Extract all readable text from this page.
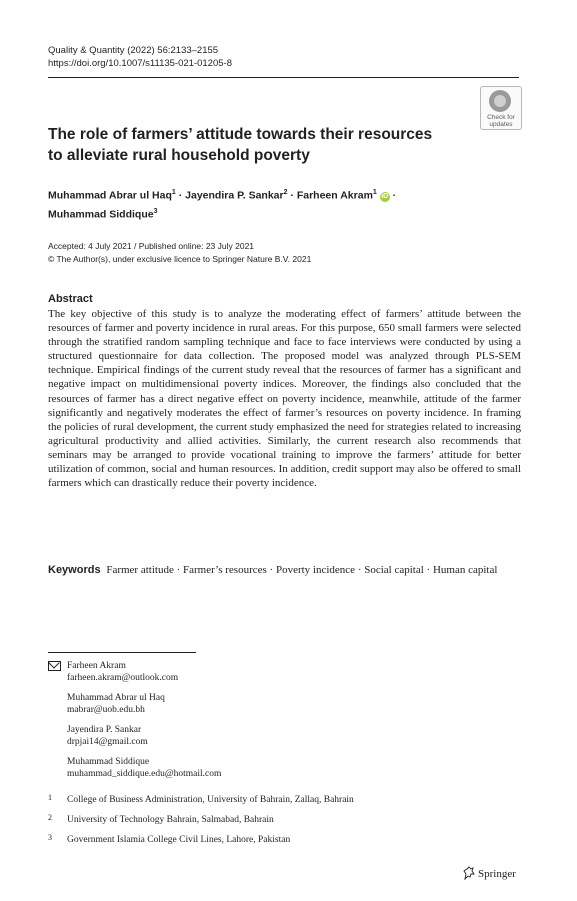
Quality & Quantity (2022) 56:2133–2155
https://doi.org/10.1007/s11135-021-01205-8
Check for
updates
The role of farmers’ attitude towards their resources
to alleviate rural household poverty
Muhammad Abrar ul Haq$^1$ · Jayendira P. Sankar$^2$ · Farheen Akram$^1$ iD ·
Muhammad Siddique$^3$
Accepted: 4 July 2021 / Published online: 23 July 2021
© The Author(s), under exclusive licence to Springer Nature B.V. 2021
Abstract
The key objective of this study is to analyze the moderating effect of farmers’ attitude between the resources of farmer and poverty incidence in rural areas. For this purpose, 650 small farmers were selected through the stratified random sampling technique and face to face interviews were conducted by using a structured questionnaire for data collection. The proposed model was analyzed through PLS-SEM technique. Empirical findings of the current study reveal that the resources of farmer has a significant and negative impact on multidimensional poverty indices. Moreover, the findings also concluded that the resources of farmer has a direct negative effect on poverty incidence, meanwhile, attitude of the farmer significantly and negatively moderates the effect of farmer’s resources on poverty incidence. In framing the policies of rural development, the current study emphasized the need for strategies related to increasing agricultural productivity and allied activities. Similarly, the current research also recommends that seminars may be arranged to provide vocational training to improve the farmers’ attitude for better utilization of common, social and human resources. In addition, credit support may also be offered to small farmers which can drastically reduce their poverty incidence.
Keywords Farmer attitude · Farmer’s resources · Poverty incidence · Social capital · Human capital
Farheen Akram
farheen.akram@outlook.com
Muhammad Abrar ul Haq
mabrar@uob.edu.bh
Jayendira P. Sankar
drpjai14@gmail.com
Muhammad Siddique
muhammad_siddique.edu@hotmail.com
1 College of Business Administration, University of Bahrain, Zallaq, Bahrain
2 University of Technology Bahrain, Salmabad, Bahrain
3 Government Islamia College Civil Lines, Lahore, Pakistan
Springer
